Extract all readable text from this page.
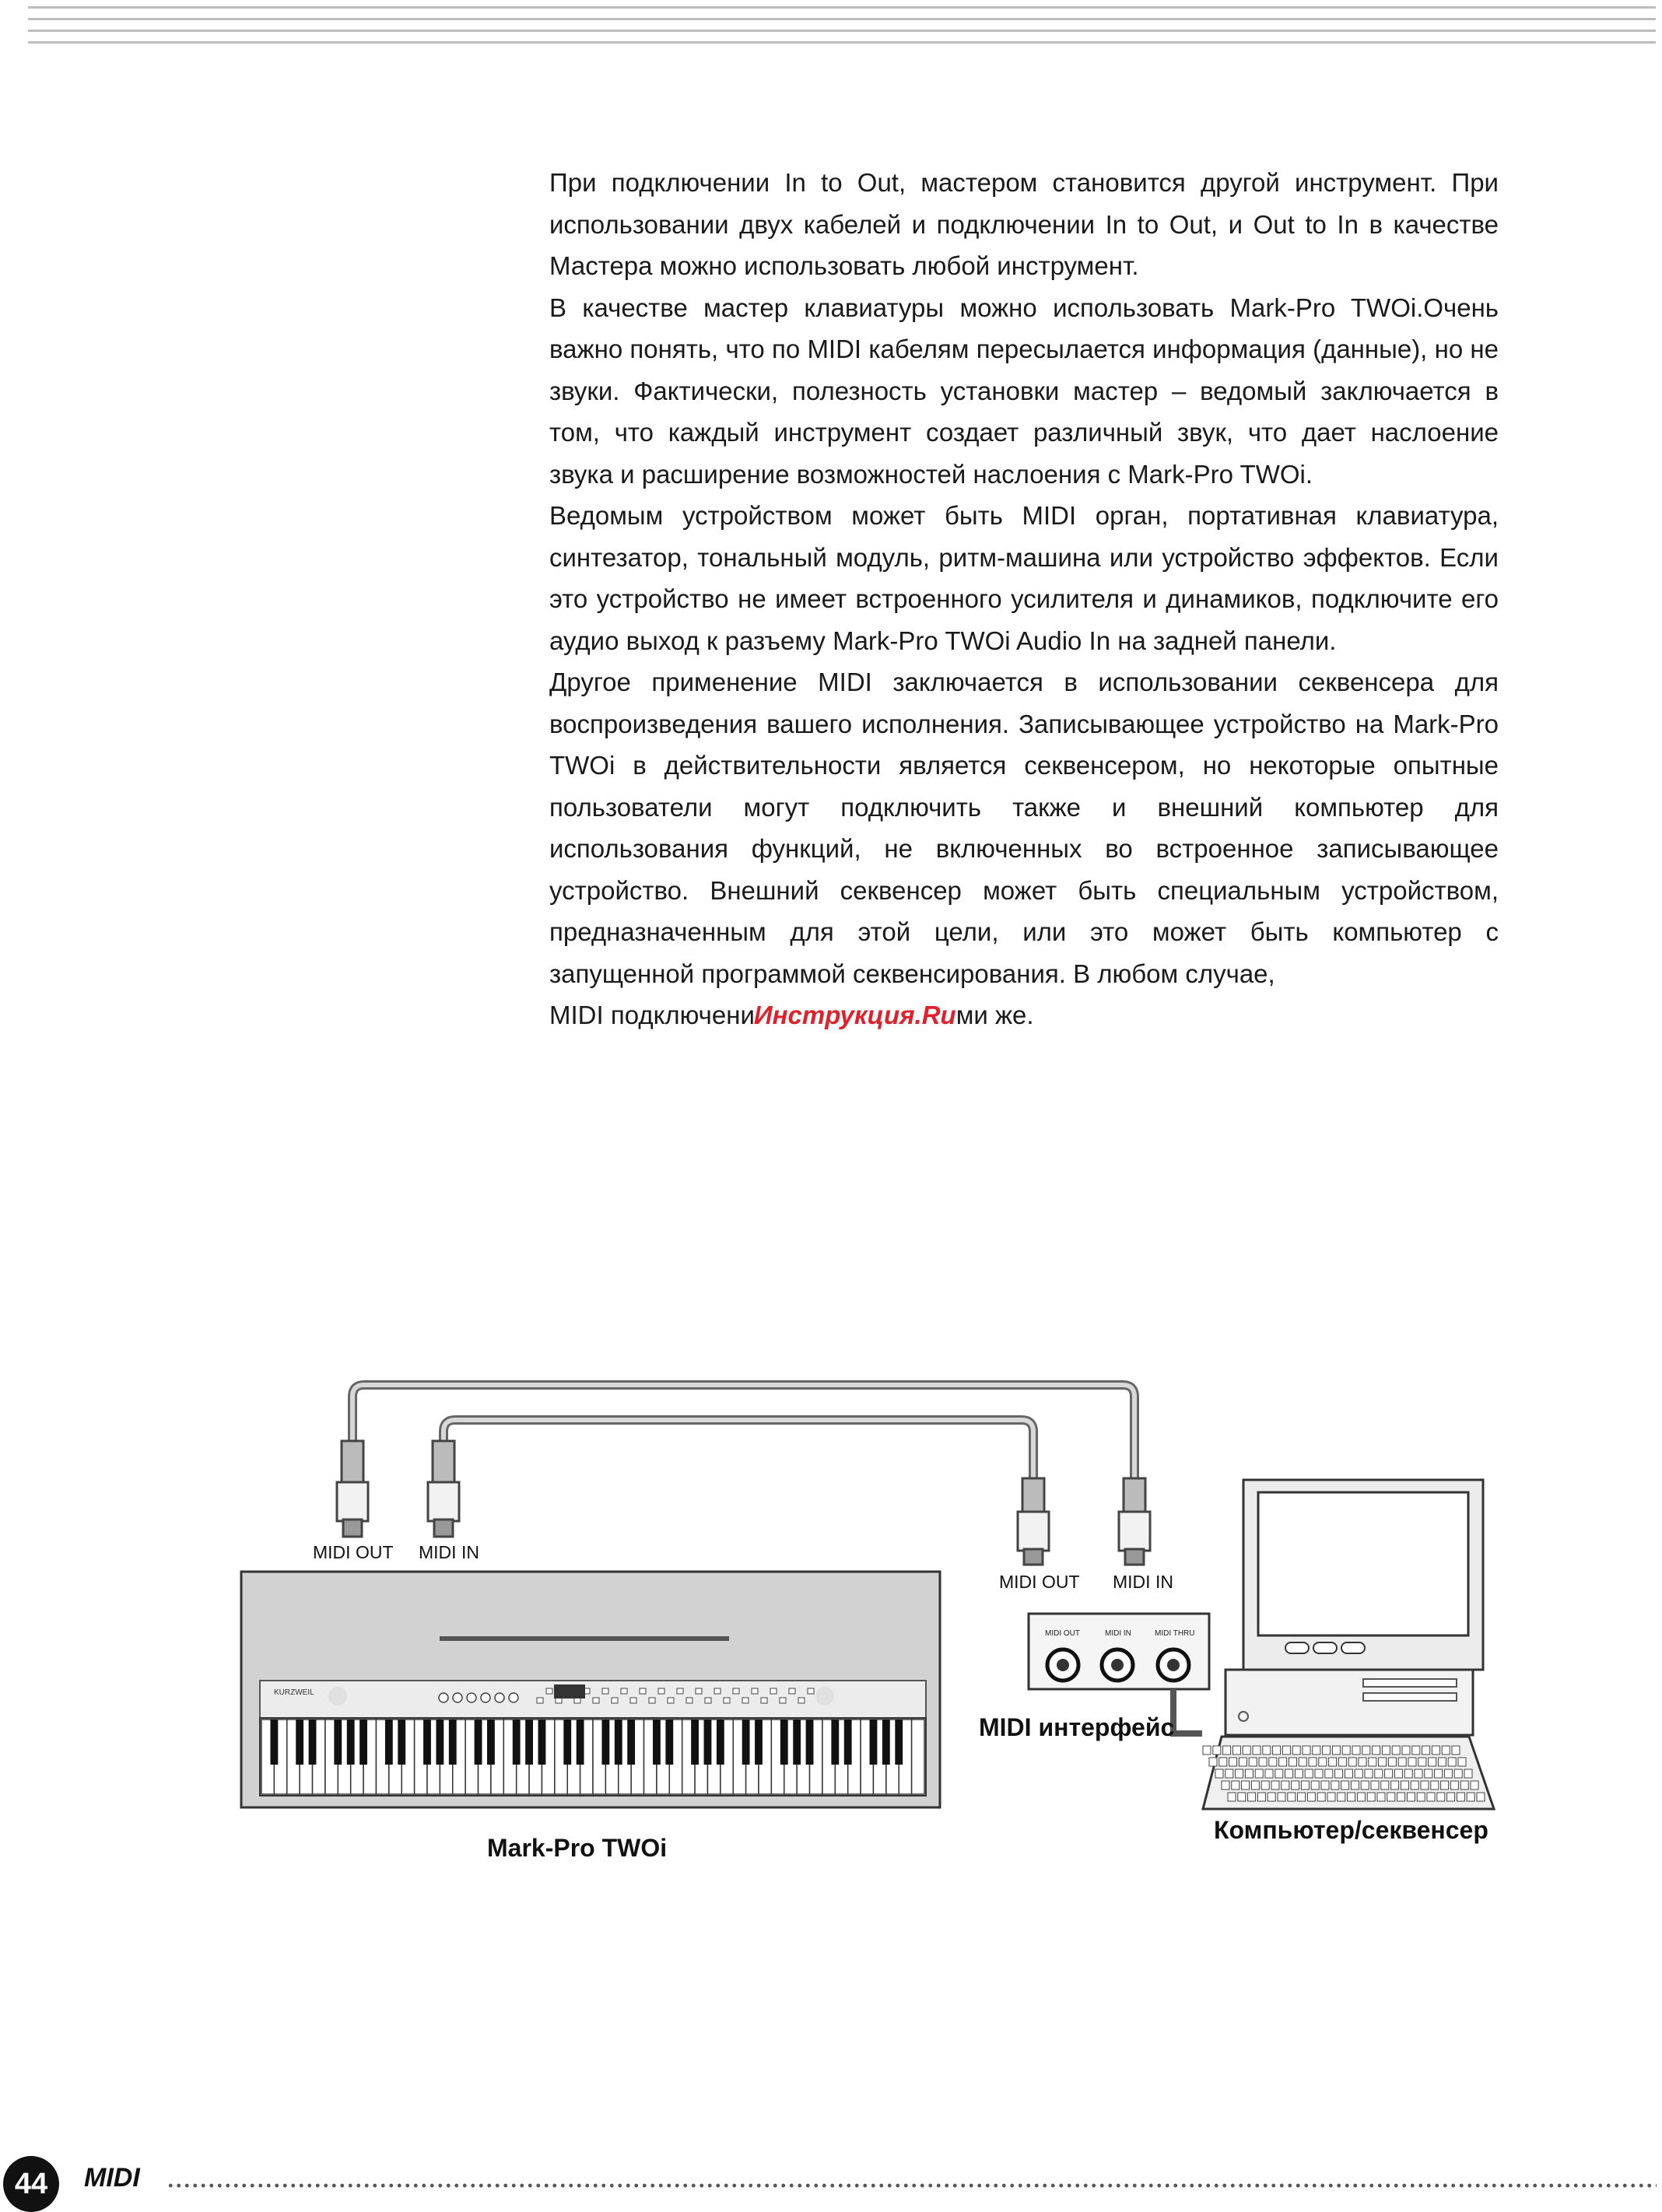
При подключении In to Out, мастером становится другой инструмент. При использовании двух кабелей и подключении In to Out, и Out to In в качестве Мастера можно использовать любой инструмент.

В качестве мастер клавиатуры можно использовать Mark-Pro TWOi.Очень важно понять, что по MIDI кабелям пересылается информация (данные), но не звуки. Фактически, полезность установки мастер – ведомый заключается в том, что каждый инструмент создает различный звук, что дает наслоение звука и расширение возможностей наслоения с Mark-Pro TWOi.

Ведомым устройством может быть MIDI орган, портативная клавиатура, синтезатор, тональный модуль, ритм-машина или устройство эффектов. Если это устройство не имеет встроенного усилителя и динамиков, подключите его аудио выход к разъему Mark-Pro TWOi Audio In на задней панели.

Другое применение MIDI заключается в использовании секвенсера для воспроизведения вашего исполнения. Записывающее устройство на Mark-Pro TWOi в действительности является секвенсером, но некоторые опытные пользователи могут подключить также и внешний компьютер для использования функций, не включенных во встроенное записывающее устройство. Внешний секвенсер может быть специальным устройством, предназначенным для этой цели, или это может быть компьютер с запущенной программой секвенсирования. В любом случае,

MIDI подключениИнструкция.Ruми же.

KURZWEIL
MIDI OUT	MIDI IN	MIDI THRU
MIDI OUT MIDI IN
MIDI OUT MIDI IN
MIDI интерфейс
Mark-Pro TWOi
Компьютер/секвенсер
44	MIDI
